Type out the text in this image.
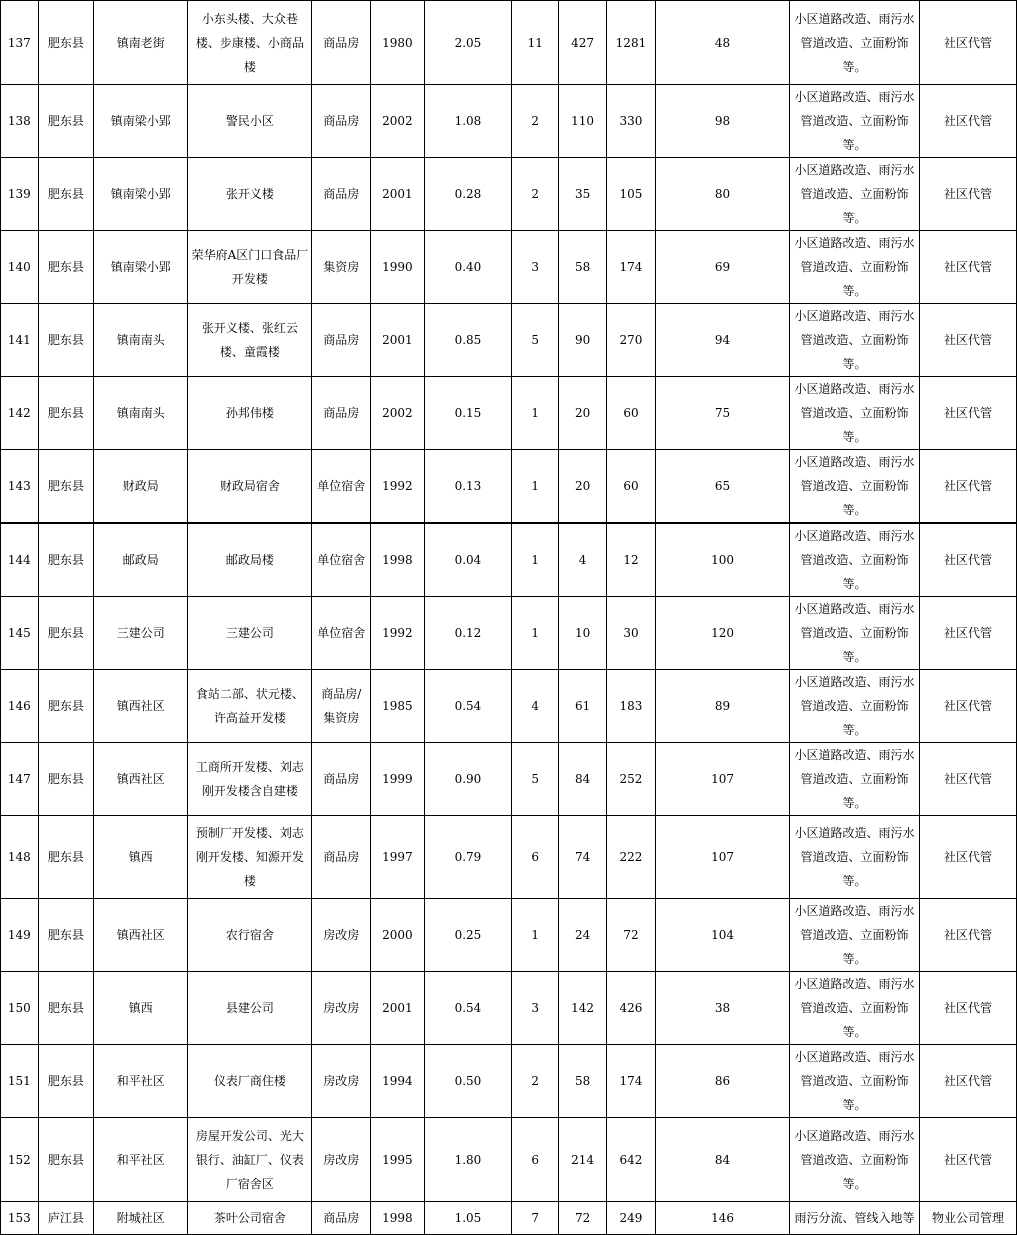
137	肥东县	镇南老街	小东头楼、大众巷楼、步康楼、小商品楼	商品房	1980	2.05	11	427	1281	48	小区道路改造、雨污水管道改造、立面粉饰等。	社区代管
138	肥东县	镇南梁小郢	警民小区	商品房	2002	1.08	2	110	330	98	小区道路改造、雨污水管道改造、立面粉饰等。	社区代管
139	肥东县	镇南梁小郢	张开义楼	商品房	2001	0.28	2	35	105	80	小区道路改造、雨污水管道改造、立面粉饰等。	社区代管
140	肥东县	镇南梁小郢	荣华府A区门口食品厂开发楼	集资房	1990	0.40	3	58	174	69	小区道路改造、雨污水管道改造、立面粉饰等。	社区代管
141	肥东县	镇南南头	张开义楼、张红云楼、童霞楼	商品房	2001	0.85	5	90	270	94	小区道路改造、雨污水管道改造、立面粉饰等。	社区代管
142	肥东县	镇南南头	孙邦伟楼	商品房	2002	0.15	1	20	60	75	小区道路改造、雨污水管道改造、立面粉饰等。	社区代管
143	肥东县	财政局	财政局宿舍	单位宿舍	1992	0.13	1	20	60	65	小区道路改造、雨污水管道改造、立面粉饰等。	社区代管
144	肥东县	邮政局	邮政局楼	单位宿舍	1998	0.04	1	4	12	100	小区道路改造、雨污水管道改造、立面粉饰等。	社区代管
145	肥东县	三建公司	三建公司	单位宿舍	1992	0.12	1	10	30	120	小区道路改造、雨污水管道改造、立面粉饰等。	社区代管
146	肥东县	镇西社区	食站二部、状元楼、许高益开发楼	商品房/集资房	1985	0.54	4	61	183	89	小区道路改造、雨污水管道改造、立面粉饰等。	社区代管
147	肥东县	镇西社区	工商所开发楼、刘志刚开发楼含自建楼	商品房	1999	0.90	5	84	252	107	小区道路改造、雨污水管道改造、立面粉饰等。	社区代管
148	肥东县	镇西	预制厂开发楼、刘志刚开发楼、知源开发楼	商品房	1997	0.79	6	74	222	107	小区道路改造、雨污水管道改造、立面粉饰等。	社区代管
149	肥东县	镇西社区	农行宿舍	房改房	2000	0.25	1	24	72	104	小区道路改造、雨污水管道改造、立面粉饰等。	社区代管
150	肥东县	镇西	县建公司	房改房	2001	0.54	3	142	426	38	小区道路改造、雨污水管道改造、立面粉饰等。	社区代管
151	肥东县	和平社区	仪表厂商住楼	房改房	1994	0.50	2	58	174	86	小区道路改造、雨污水管道改造、立面粉饰等。	社区代管
152	肥东县	和平社区	房屋开发公司、光大银行、油缸厂、仪表厂宿舍区	房改房	1995	1.80	6	214	642	84	小区道路改造、雨污水管道改造、立面粉饰等。	社区代管
153	庐江县	附城社区	茶叶公司宿舍	商品房	1998	1.05	7	72	249	146	雨污分流、管线入地等	物业公司管理
